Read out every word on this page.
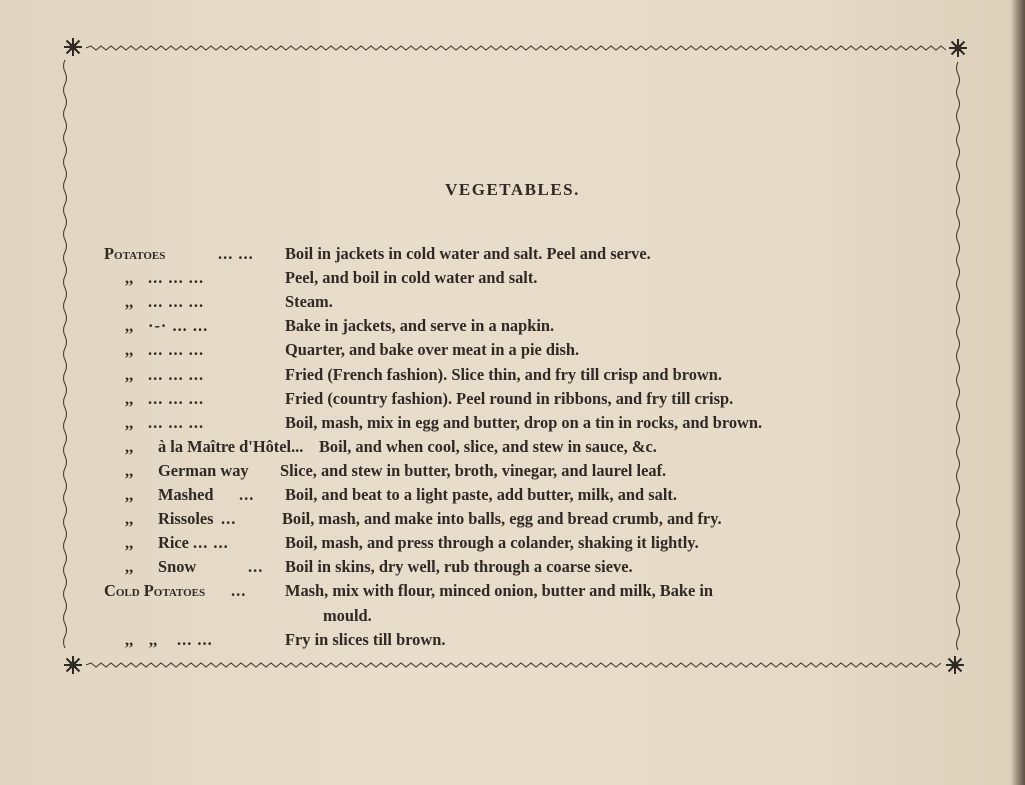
VEGETABLES.
Potatoes	... ... Boil in jackets in cold water and salt. Peel and serve.
,, ... ... ...	Peel, and boil in cold water and salt.
,, ... ... ...	Steam.
,, ·-· ... ...	Bake in jackets, and serve in a napkin.
,, ... ... ...	Quarter, and bake over meat in a pie dish.
,, ... ... ...	Fried (French fashion). Slice thin, and fry till crisp and brown.
,, ... ... ...	Fried (country fashion). Peel round in ribbons, and fry till crisp.
,, ... ... ...	Boil, mash, mix in egg and butter, drop on a tin in rocks, and brown.
,, à la Maître d'Hôtel... Boil, and when cool, slice, and stew in sauce, &c.
,, German way Slice, and stew in butter, broth, vinegar, and laurel leaf.
,, Mashed ... Boil, and beat to a light paste, add butter, milk, and salt.
,, Rissoles ...	Boil, mash, and make into balls, egg and bread crumb, and fry.
,, Rice ... ...	Boil, mash, and press through a colander, shaking it lightly.
,, Snow	... Boil in skins, dry well, rub through a coarse sieve.
Cold Potatoes ... Mash, mix with flour, minced onion, butter and milk, Bake in
mould.
,, ,, ... ...	Fry in slices till brown.
